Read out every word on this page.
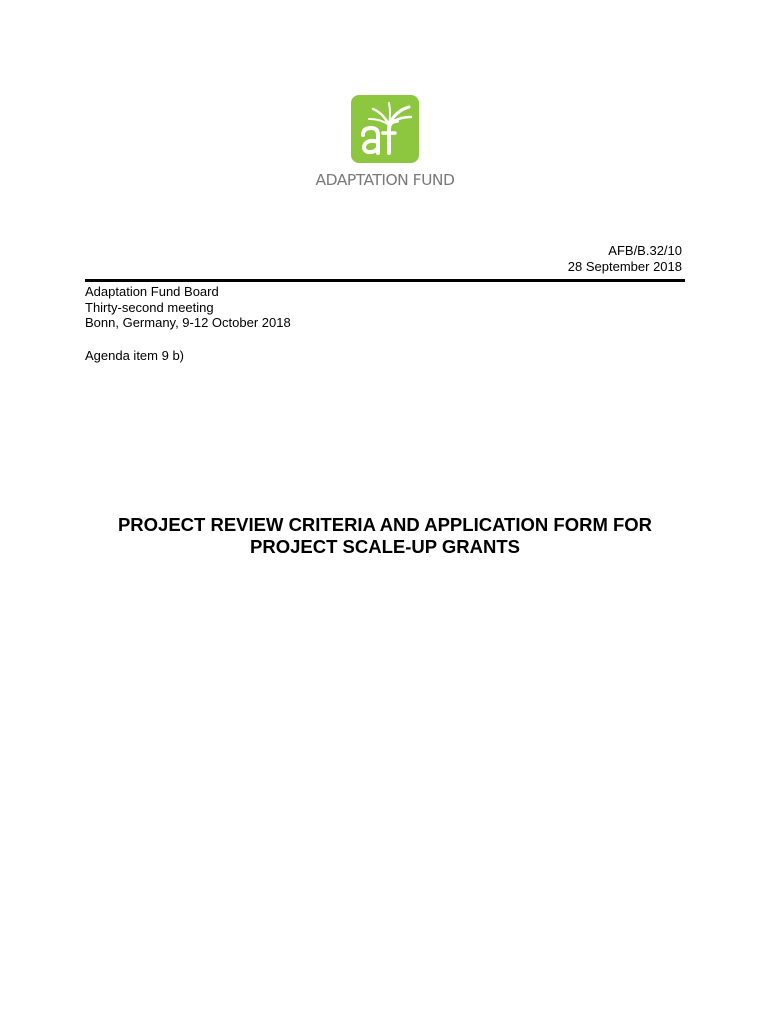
ADAPTATION FUND
AFB/B.32/10
28 September 2018
Adaptation Fund Board
Thirty-second meeting
Bonn, Germany, 9-12 October 2018
Agenda item 9 b)
PROJECT REVIEW CRITERIA AND APPLICATION FORM FOR
PROJECT SCALE-UP GRANTS
